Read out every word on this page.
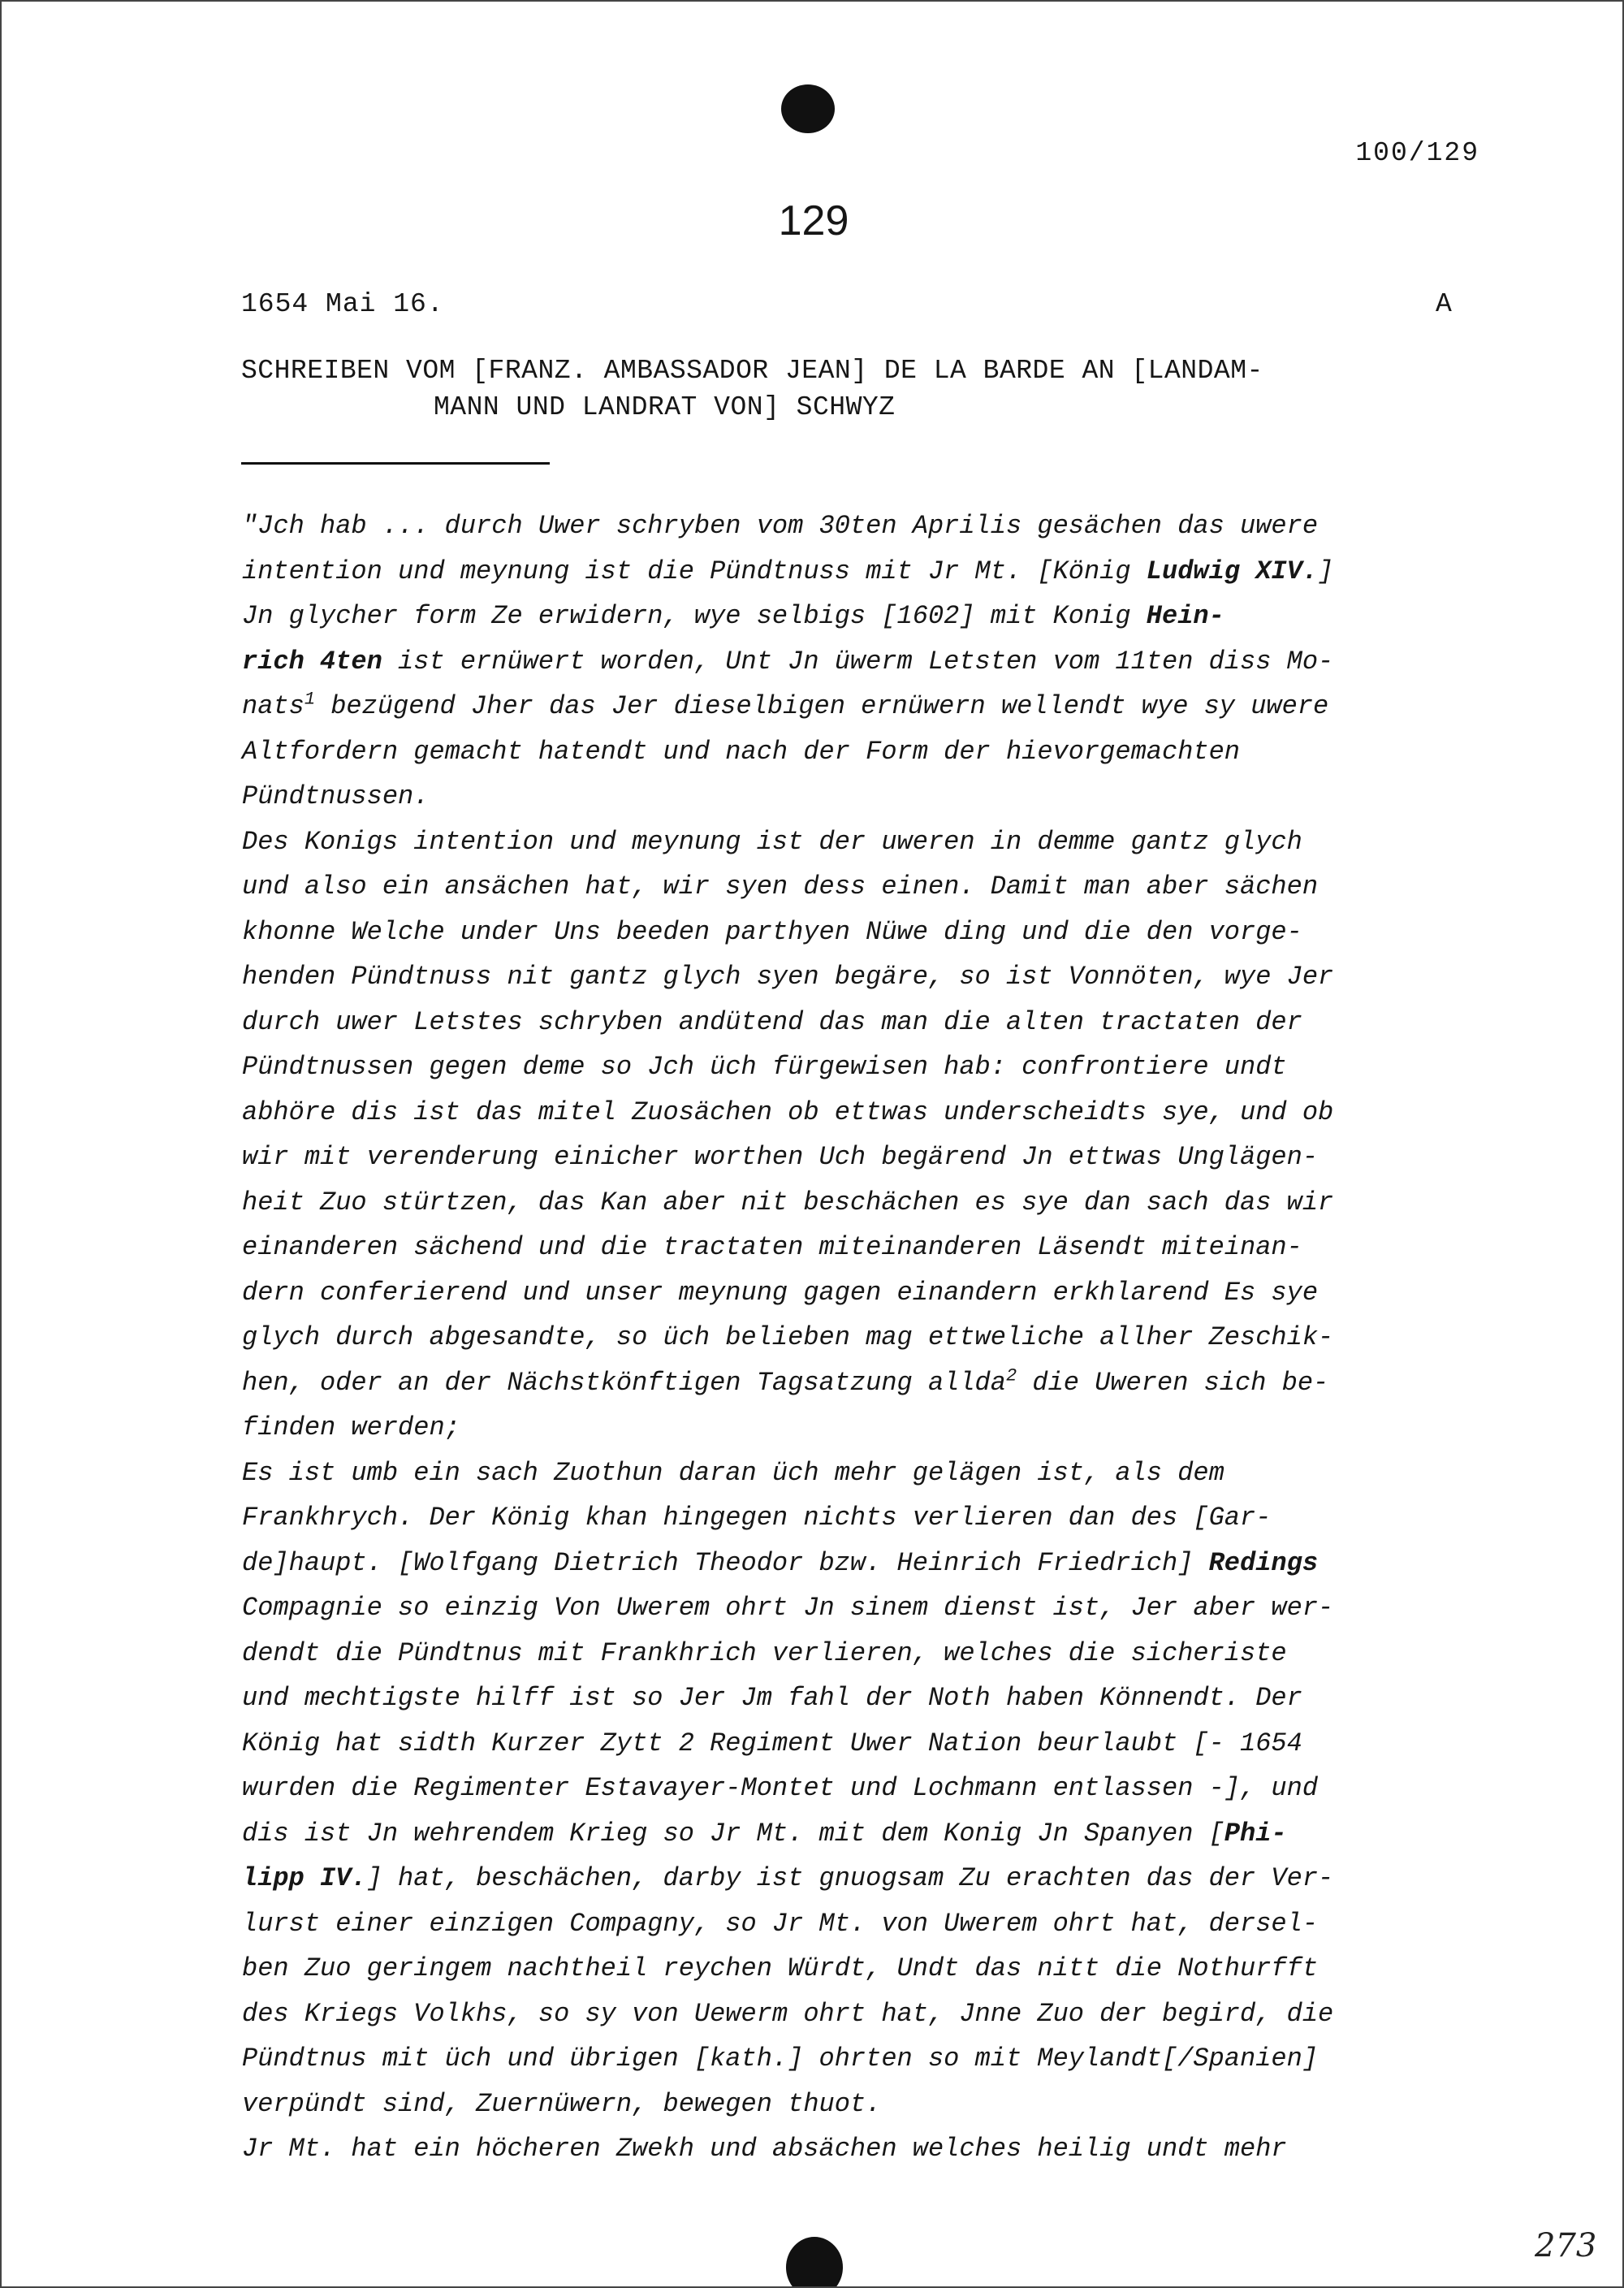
100/129
129
1654 Mai 16.	A
SCHREIBEN VOM [FRANZ. AMBASSADOR JEAN] DE LA BARDE AN [LANDAM-
MANN UND LANDRAT VON] SCHWYZ
"Jch hab ... durch Uwer schryben vom 30ten Aprilis gesächen das uwere
intention und meynung ist die Pündtnuss mit Jr Mt. [König Ludwig XIV.]
Jn glycher form Ze erwidern, wye selbigs [1602] mit Konig Hein-
rich 4ten ist ernüwert worden, Unt Jn üwerm Letsten vom 11ten diss Mo-
nats$^1$ bezügend Jher das Jer dieselbigen ernüwern wellendt wye sy uwere
Altfordern gemacht hatendt und nach der Form der hievorgemachten
Pündtnussen.
Des Konigs intention und meynung ist der uweren in demme gantz glych
und also ein ansächen hat, wir syen dess einen. Damit man aber sächen
khonne Welche under Uns beeden parthyen Nüwe ding und die den vorge-
henden Pündtnuss nit gantz glych syen begäre, so ist Vonnöten, wye Jer
durch uwer Letstes schryben andütend das man die alten tractaten der
Pündtnussen gegen deme so Jch üch fürgewisen hab: confrontiere undt
abhöre dis ist das mitel Zuosächen ob ettwas underscheidts sye, und ob
wir mit verenderung einicher worthen Uch begärend Jn ettwas Unglägen-
heit Zuo stürtzen, das Kan aber nit beschächen es sye dan sach das wir
einanderen sächend und die tractaten miteinanderen Läsendt miteinan-
dern conferierend und unser meynung gagen einandern erkhlarend Es sye
glych durch abgesandte, so üch belieben mag ettweliche allher Zeschik-
hen, oder an der Nächstkönftigen Tagsatzung allda$^2$ die Uweren sich be-
finden werden;
Es ist umb ein sach Zuothun daran üch mehr gelägen ist, als dem
Frankhrych. Der König khan hingegen nichts verlieren dan des [Gar-
de]haupt. [Wolfgang Dietrich Theodor bzw. Heinrich Friedrich] Redings
Compagnie so einzig Von Uwerem ohrt Jn sinem dienst ist, Jer aber wer-
dendt die Pündtnus mit Frankhrich verlieren, welches die sicheriste
und mechtigste hilff ist so Jer Jm fahl der Noth haben Könnendt. Der
König hat sidth Kurzer Zytt 2 Regiment Uwer Nation beurlaubt [- 1654
wurden die Regimenter Estavayer-Montet und Lochmann entlassen -], und
dis ist Jn wehrendem Krieg so Jr Mt. mit dem Konig Jn Spanyen [Phi-
lipp IV.] hat, beschächen, darby ist gnuogsam Zu erachten das der Ver-
lurst einer einzigen Compagny, so Jr Mt. von Uwerem ohrt hat, dersel-
ben Zuo geringem nachtheil reychen Würdt, Undt das nitt die Nothurfft
des Kriegs Volkhs, so sy von Uewerm ohrt hat, Jnne Zuo der begird, die
Pündtnus mit üch und übrigen [kath.] ohrten so mit Meylandt[/Spanien]
verpündt sind, Zuernüwern, bewegen thuot.
Jr Mt. hat ein höcheren Zwekh und absächen welches heilig undt mehr
273
